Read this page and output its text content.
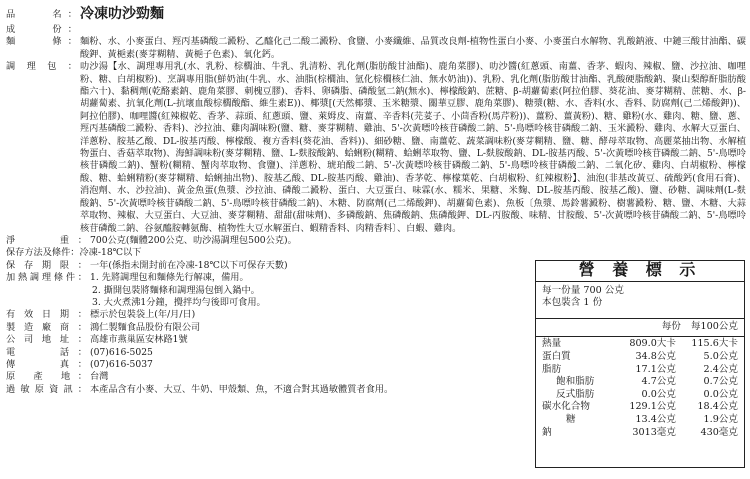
品　　名： 冷凍叻沙勁麵
成　　份：
麵　　條： 麵粉、水、小麥蛋白、羥丙基磷酸二澱粉、乙醯化己二酸二澱粉、食鹽、小麥纖維、品質改良劑-植物性蛋白小麥、小麥蛋白水解物、乳酸鈉液、中鏈三酸甘油酯、碳酸鉀、黃梔素(麥芽糊精、黃梔子色素)、氧化鈣。
調理包： 叻沙湯【水、調理專用乳(水、乳粉、棕櫚油、牛乳、乳清粉、乳化劑(脂肪酸甘油酯)、鹿角菜膠)、叻沙醬(紅蔥頭、南薑、香茅、蝦肉、辣椒、鹽、沙拉油、咖哩粉、糖、白胡椒粉)、烹調專用脂(鮮奶油(牛乳、水、油脂(棕櫚油、氫化棕櫚核仁油、無水奶油))、乳粉、乳化劑(脂肪酸甘油酯、乳酸硬脂酸鈉、聚山梨醇酐脂肪酸酯六十)、黏稠劑(乾酪素鈉、鹿角菜膠、刺槐豆膠)、香料、卵磷脂、磷酸氫二鈉(無水)、檸檬酸鈉、蔗糖、β-胡蘿蔔素(阿拉伯膠、葵花油、麥芽糊精、蔗糖、水、β-胡蘿蔔素、抗氧化劑(L-抗壞血酸棕櫚酸酯、維生素E))、椰漿[(天然椰漿、玉米糖漿、關華豆膠、鹿角菜膠)、糖漿(糖、水、香料(水、香料、防腐劑(己二烯酸鉀))、阿拉伯膠)、咖哩醬(紅辣椒乾、香茅、蒜頭、紅蔥頭、鹽、萊姆皮、南薑、辛香料(芫荽子、小茴香粉(馬芹粉))、薑粉、薑黃粉)、糖、雞粉(水、雞肉、糖、鹽、蔥、羥丙基磷酸二澱粉、香料)、沙拉油、雞肉調味粉(鹽、糖、麥芽糊精、雞油、5'-次黃嘌呤核苷磷酸二鈉、5'-鳥嘌呤核苷磷酸二鈉、玉米澱粉、雞肉、水解大豆蛋白、洋蔥粉、胺基乙酸、DL-胺基丙酸、檸檬酸、複方香料(葵花油、香料))、細砂糖、鹽、南薑乾、蔬菜調味粉(麥芽糊精、鹽、糖、酵母萃取物、高麗菜抽出物、水解植物蛋白、香菇萃取物)、海鮮調味粉(麥芽糊精、鹽、L-麩胺酸鈉、蛤蜊粉(糊精、蛤蜊萃取物、鹽、L-麩胺酸鈉、DL-胺基丙酸、5'-次黃嘌呤核苷磷酸二鈉、5'-鳥嘌呤核苷磷酸二鈉)、蟹粉(糊精、蟹肉萃取物、食鹽)、洋蔥粉、琥珀酸二鈉、5'-次黃嘌呤核苷磷酸二鈉、5'-鳥嘌呤核苷磷酸二鈉、二氧化矽、雞肉、白胡椒粉、檸檬酸、糖、蛤蜊精粉(麥芽糊精、蛤蜊抽出物)、胺基乙酸、DL-胺基丙酸、雞油)、香茅乾、檸檬葉乾、白胡椒粉、紅辣椒粉】、油泡(非基改黃豆、硫酸鈣(食用石膏)、消泡劑、水、沙拉油)、黃金魚蛋(魚漿、沙拉油、磷酸二澱粉、蛋白、大豆蛋白、味霖(水、糯米、果糖、米麴、DL-胺基丙酸、胺基乙酸)、鹽、砂糖、調味劑(L-麩酸鈉、5'-次黃嘌呤核苷磷酸二鈉、5'-鳥嘌呤核苷磷酸二鈉)、木糖、防腐劑(己二烯酸鉀)、胡蘿蔔色素)、魚板〔魚漿、馬鈴薯澱粉、樹薯澱粉、糖、鹽、木糖、大蒜萃取物、辣椒、大豆蛋白、大豆油、麥芽糊精、甜甜(甜味劑)、多磷酸鈉、焦磷酸鈉、焦磷酸鉀、DL-丙胺酸、味精、甘胺酸、5'-次黃嘌呤核苷磷酸二鈉、5'-鳥嘌呤核苷磷酸二鈉、谷氨醯胺轉氨酶、植物性大豆水解蛋白、蝦精香料、肉精香料〕、白蝦、雞肉。
淨　　重： 700公克(麵體200公克、叻沙湯調理包500公克)。
保存方法及條件： 冷凍-18℃以下
保存期限： 一年(係指未開封前在冷凍-18℃以下可保存天數)
加熱調理條件： 1. 先將調理包和麵條先行解凍，備用。
2. 撕開包裝將麵條和調理湯包倒入鍋中。
3. 大火煮沸1分鐘，攪拌均勻後即可食用。
有效日期： 標示於包裝袋上(年/月/日)
製造廠商： 鴻仁製麵食品股份有限公司
公司地址： 高雄市燕巢區安林路1號
電　　話： (07)616-5025
傳　　真： (07)616-5037
原 產 地： 台灣
過敏原資訊： 本產品含有小麥、大豆、牛奶、甲殼類、魚，不適合對其過敏體質者食用。
營 養 標 示
每一份量 700 公克
本包裝含 1 份
每份 每100公克
熱量	809.0大卡	115.6大卡
蛋白質	34.8公克	5.0公克
脂肪	17.1公克	2.4公克
飽和脂肪	4.7公克	0.7公克
反式脂肪	0.0公克	0.0公克
碳水化合物	129.1公克	18.4公克
糖	13.4公克	1.9公克
鈉	3013毫克	430毫克
